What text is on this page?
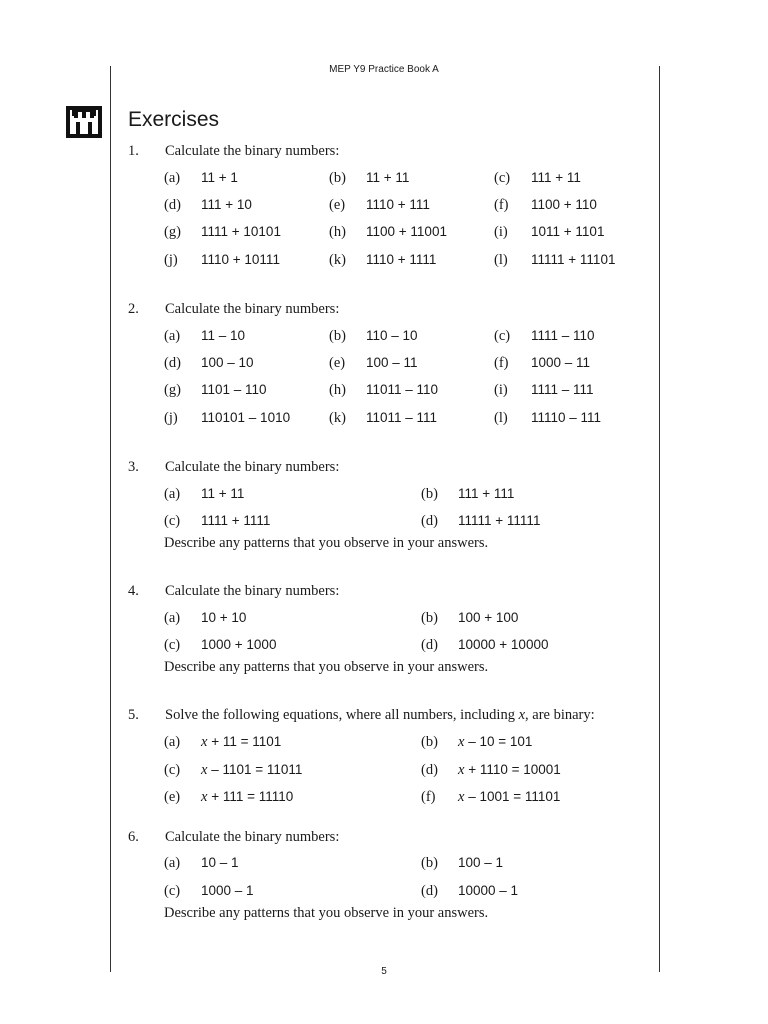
MEP Y9 Practice Book A
Exercises
1.	Calculate the binary numbers:
(a) 11 + 1	(b) 11 + 11	(c) 111 + 11
(d) 111 + 10	(e) 1110 + 111	(f) 1100 + 110
(g) 1111 + 10101	(h) 1100 + 11001	(i) 1011 + 1101
(j) 1110 + 10111	(k) 1110 + 1111	(l) 11111 + 11101
2.	Calculate the binary numbers:
(a) 11 – 10	(b) 110 – 10	(c) 1111 – 110
(d) 100 – 10	(e) 100 – 11	(f) 1000 – 11
(g) 1101 – 110	(h) 11011 – 110	(i) 1111 – 111
(j) 110101 – 1010	(k) 11011 – 111	(l) 11110 – 111
3.	Calculate the binary numbers:
(a) 11 + 11	(b) 111 + 111
(c) 1111 + 1111	(d) 11111 + 11111
Describe any patterns that you observe in your answers.
4.	Calculate the binary numbers:
(a) 10 + 10	(b) 100 + 100
(c) 1000 + 1000	(d) 10000 + 10000
Describe any patterns that you observe in your answers.
5.	Solve the following equations, where all numbers, including x, are binary:
(a) x + 11 = 1101	(b) x – 10 = 101
(c) x – 1101 = 11011	(d) x + 1110 = 10001
(e) x + 111 = 11110	(f) x – 1001 = 11101
6.	Calculate the binary numbers:
(a) 10 – 1	(b) 100 – 1
(c) 1000 – 1	(d) 10000 – 1
Describe any patterns that you observe in your answers.
5
